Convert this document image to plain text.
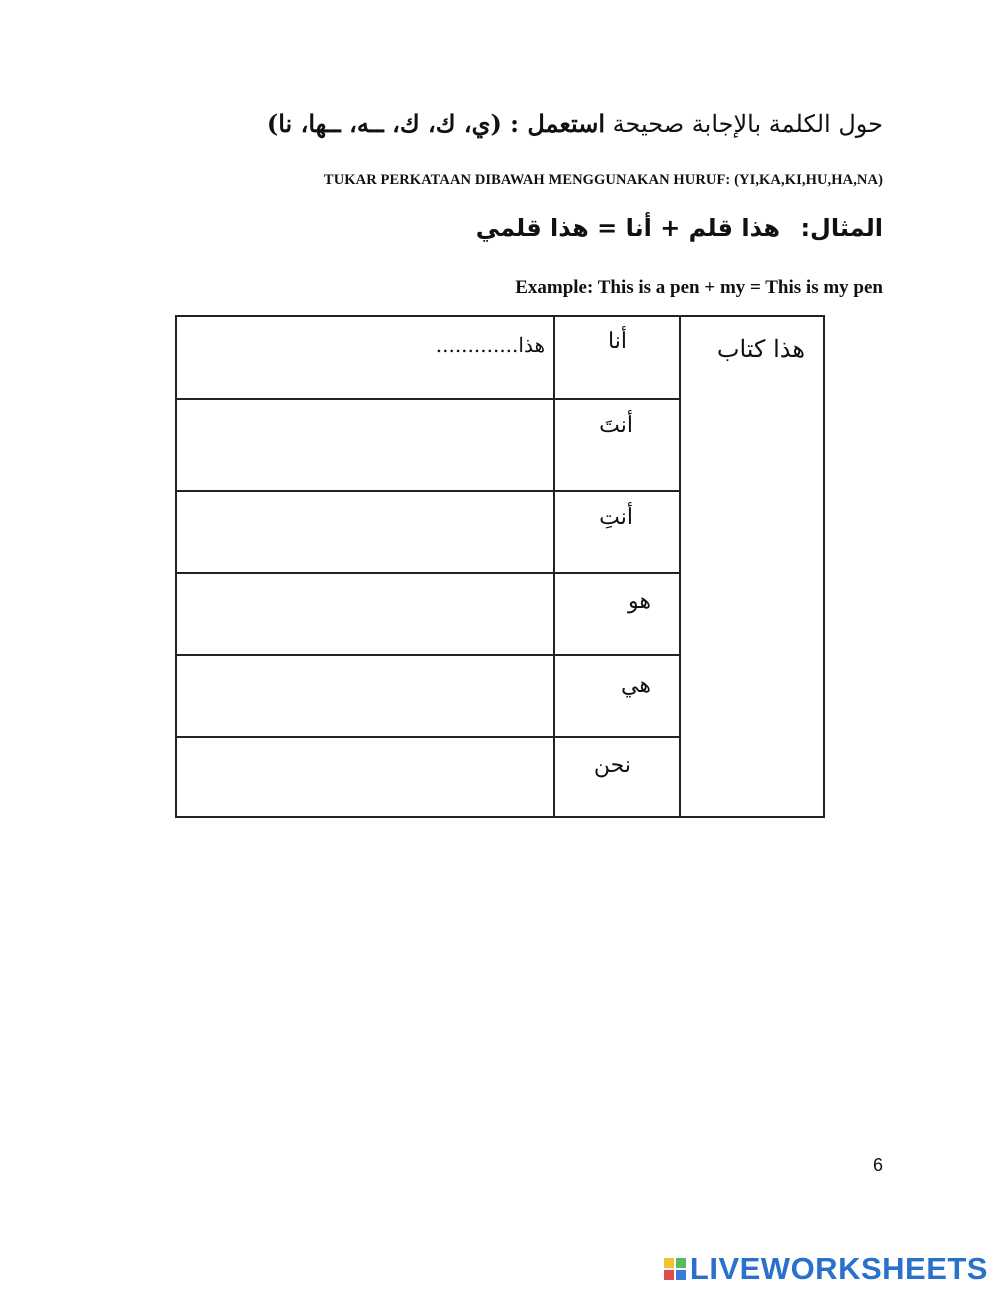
حول الكلمة بالإجابة صحيحة استعمل : (ي، ك، ك، ــه، ــها، نا)
TUKAR PERKATAAN DIBAWAH MENGGUNAKAN HURUF: (YI,KA,KI,HU,HA,NA)
المثال: هذا قلم + أنا = هذا قلمي
Example: This is a pen + my = This is my pen
هذا كتاب
أنا
أنتَ
أنتِ
هو
هي
نحن
هذا.............
6
LIVEWORKSHEETS
